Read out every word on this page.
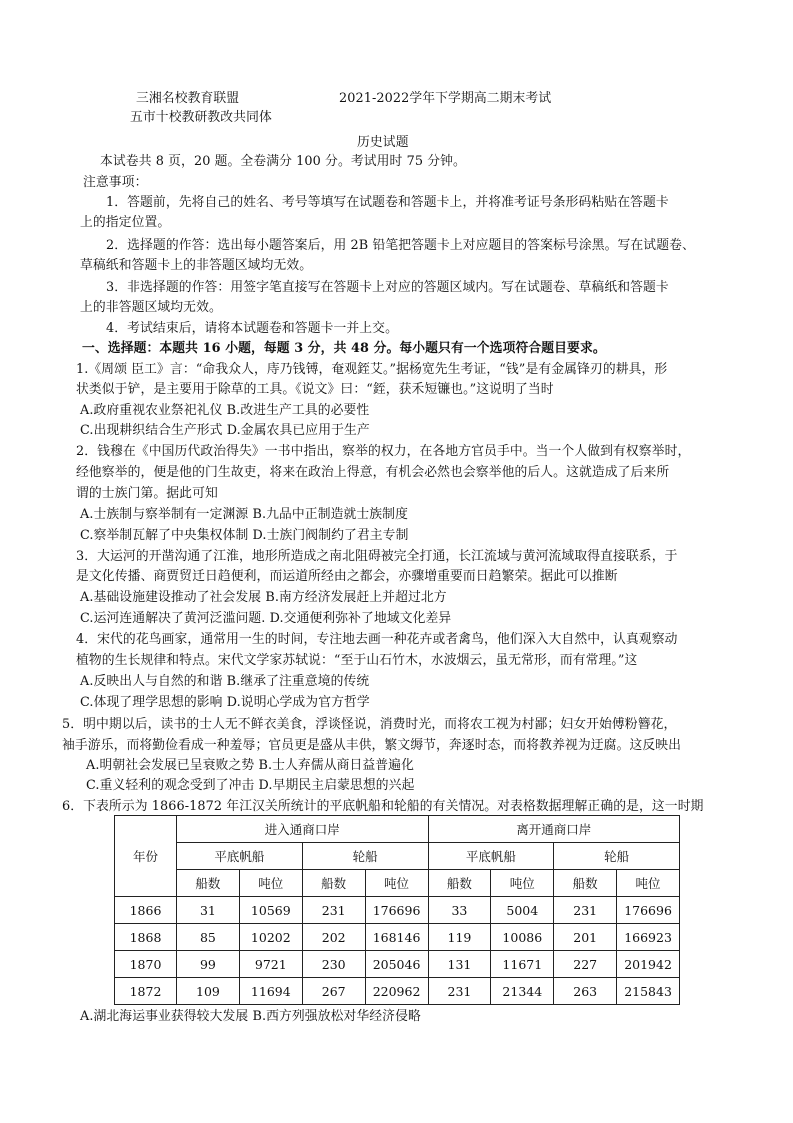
三湘名校教育联盟	2021-2022学年下学期高二期末考试
五市十校教研教改共同体
历史试题
本试卷共 8 页，20 题。全卷满分 100 分。考试用时 75 分钟。
注意事项：
1．答题前，先将自己的姓名、考号等填写在试题卷和答题卡上，并将准考证号条形码粘贴在答题卡
上的指定位置。
2．选择题的作答：选出每小题答案后，用 2B 铅笔把答题卡上对应题目的答案标号涂黑。写在试题卷、
草稿纸和答题卡上的非答题区域均无效。
3．非选择题的作答：用签字笔直接写在答题卡上对应的答题区域内。写在试题卷、草稿纸和答题卡
上的非答题区域均无效。
4．考试结束后，请将本试题卷和答题卡一并上交。
一、选择题：本题共 16 小题，每题 3 分，共 48 分。每小题只有一个选项符合题目要求。
1.《周颂 臣工》言：“命我众人，庤乃钱镈，奄观銍艾。”据杨宽先生考证，“钱”是有金属锋刃的耕具，形
状类似于铲，是主要用于除草的工具。《说文》曰：“銍，获禾短镰也。”这说明了当时
A.政府重视农业祭祀礼仪 B.改进生产工具的必要性
C.出现耕织结合生产形式 D.金属农具已应用于生产
2．钱穆在《中国历代政治得失》一书中指出，察举的权力，在各地方官员手中。当一个人做到有权察举时，
经他察举的，便是他的门生故吏，将来在政治上得意，有机会必然也会察举他的后人。这就造成了后来所
谓的士族门第。据此可知
A.士族制与察举制有一定渊源 B.九品中正制造就士族制度
C.察举制瓦解了中央集权体制 D.士族门阀制约了君主专制
3．大运河的开凿沟通了江淮，地形所造成之南北阻碍被完全打通，长江流域与黄河流域取得直接联系，于
是文化传播、商贾贸迁日趋便利，而运道所经由之都会，亦骤增重要而日趋繁荣。据此可以推断
A.基础设施建设推动了社会发展 B.南方经济发展赶上并超过北方
C.运河连通解决了黄河泛滥问题. D.交通便利弥补了地域文化差异
4．宋代的花鸟画家，通常用一生的时间，专注地去画一种花卉或者禽鸟，他们深入大自然中，认真观察动
植物的生长规律和特点。宋代文学家苏轼说：“至于山石竹木，水波烟云，虽无常形，而有常理。”这
A.反映出人与自然的和谐 B.继承了注重意境的传统
C.体现了理学思想的影响 D.说明心学成为官方哲学
5．明中期以后，读书的士人无不鲜衣美食，浮谈怪说，消费时光，而将农工视为村鄙；妇女开始傅粉簪花，
袖手游乐，而将勤俭看成一种羞辱；官员更是盛从丰供，繁文缛节，奔逐时态，而将教养视为迂腐。这反映出
A.明朝社会发展已呈衰败之势 B.士人弃儒从商日益普遍化
C.重义轻利的观念受到了冲击 D.早期民主启蒙思想的兴起
6．下表所示为 1866-1872 年江汉关所统计的平底帆船和轮船的有关情况。对表格数据理解正确的是，这一时期
年份	进入通商口岸				离开通商口岸			
	平底帆船		轮船		平底帆船		轮船	
	船数	吨位	船数	吨位	船数	吨位	船数	吨位
1866	31	10569	231	176696	33	5004	231	176696
1868	85	10202	202	168146	119	10086	201	166923
1870	99	9721	230	205046	131	11671	227	201942
1872	109	11694	267	220962	231	21344	263	215843
A.湖北海运事业获得较大发展 B.西方列强放松对华经济侵略
